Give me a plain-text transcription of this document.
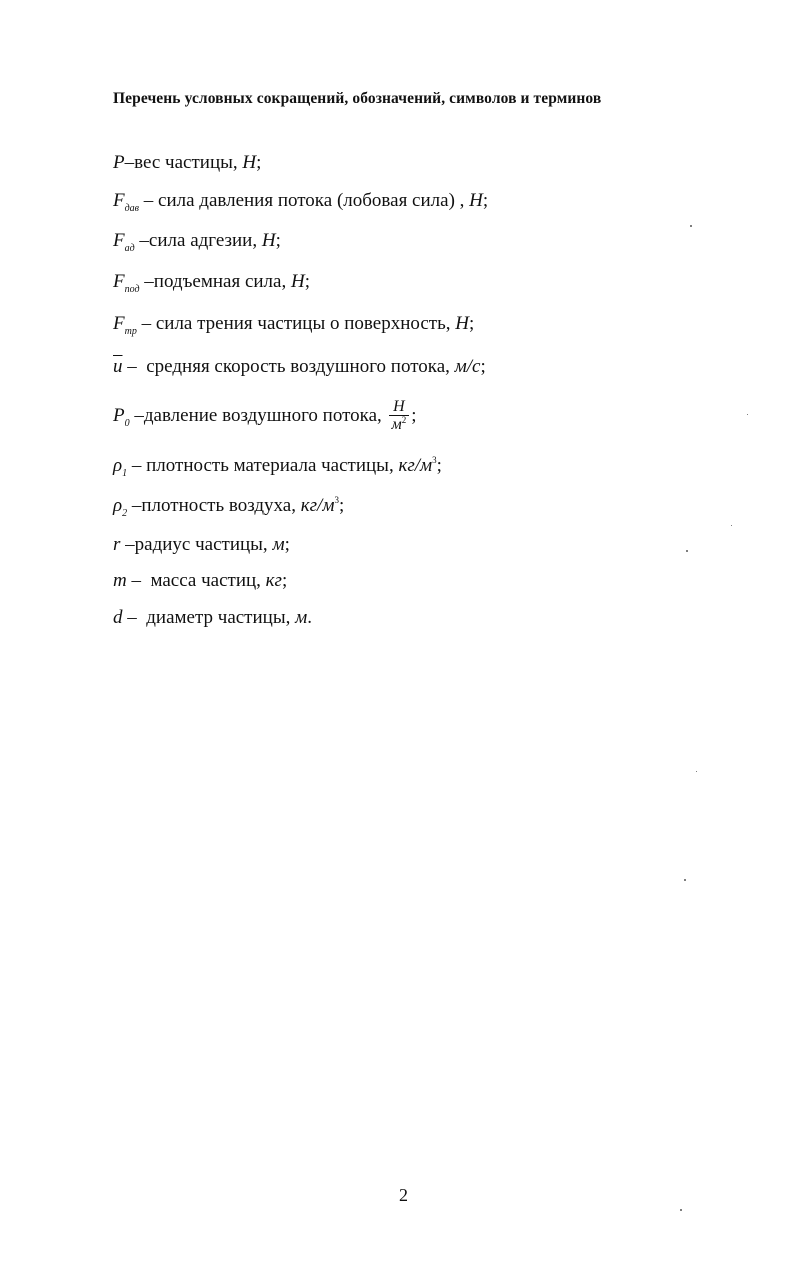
Перечень условных сокращений, обозначений, символов и терминов
P–вес частицы, H;
$F_{дав}$ – сила давления потока (лобовая сила) , H;
$F_{ад}$ –сила адгезии, H;
$F_{под}$ –подъемная сила, H;
$F_{тр}$ – сила трения частицы о поверхность, H;
$\overline{u}$ – средняя скорость воздушного потока, м/с;
$P_0$ –давление воздушного потока, $\frac{H}{м^2}$ ;
$\rho_1$ – плотность материала частицы, $кг/м^3$;
$\rho_2$ –плотность воздуха, $кг/м^3$;
r –радиус частицы, м;
m – масса частиц, кг;
d – диаметр частицы, м.
2
